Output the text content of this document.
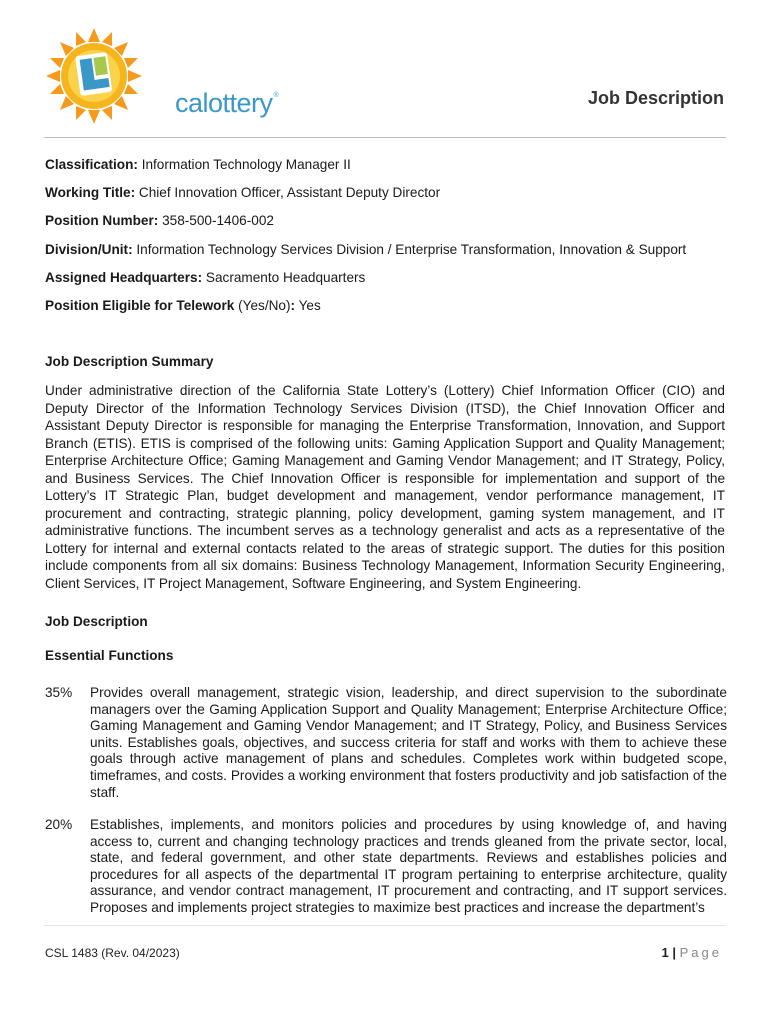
calottery®	Job Description
Classification: Information Technology Manager II
Working Title: Chief Innovation Officer, Assistant Deputy Director
Position Number: 358-500-1406-002
Division/Unit: Information Technology Services Division / Enterprise Transformation, Innovation & Support
Assigned Headquarters: Sacramento Headquarters
Position Eligible for Telework (Yes/No): Yes
Job Description Summary

Under administrative direction of the California State Lottery’s (Lottery) Chief Information Officer (CIO) and Deputy Director of the Information Technology Services Division (ITSD), the Chief Innovation Officer and Assistant Deputy Director is responsible for managing the Enterprise Transformation, Innovation, and Support Branch (ETIS). ETIS is comprised of the following units: Gaming Application Support and Quality Management; Enterprise Architecture Office; Gaming Management and Gaming Vendor Management; and IT Strategy, Policy, and Business Services. The Chief Innovation Officer is responsible for implementation and support of the Lottery’s IT Strategic Plan, budget development and management, vendor performance management, IT procurement and contracting, strategic planning, policy development, gaming system management, and IT administrative functions. The incumbent serves as a technology generalist and acts as a representative of the Lottery for internal and external contacts related to the areas of strategic support. The duties for this position include components from all six domains: Business Technology Management, Information Security Engineering, Client Services, IT Project Management, Software Engineering, and System Engineering.

Job Description
Essential Functions
35% Provides overall management, strategic vision, leadership, and direct supervision to the subordinate managers over the Gaming Application Support and Quality Management; Enterprise Architecture Office; Gaming Management and Gaming Vendor Management; and IT Strategy, Policy, and Business Services units. Establishes goals, objectives, and success criteria for staff and works with them to achieve these goals through active management of plans and schedules. Completes work within budgeted scope, timeframes, and costs. Provides a working environment that fosters productivity and job satisfaction of the staff.

20% Establishes, implements, and monitors policies and procedures by using knowledge of, and having access to, current and changing technology practices and trends gleaned from the private sector, local, state, and federal government, and other state departments. Reviews and establishes policies and procedures for all aspects of the departmental IT program pertaining to enterprise architecture, quality assurance, and vendor contract management, IT procurement and contracting, and IT support services. Proposes and implements project strategies to maximize best practices and increase the department’s

CSL 1483 (Rev. 04/2023)	1 | Page
